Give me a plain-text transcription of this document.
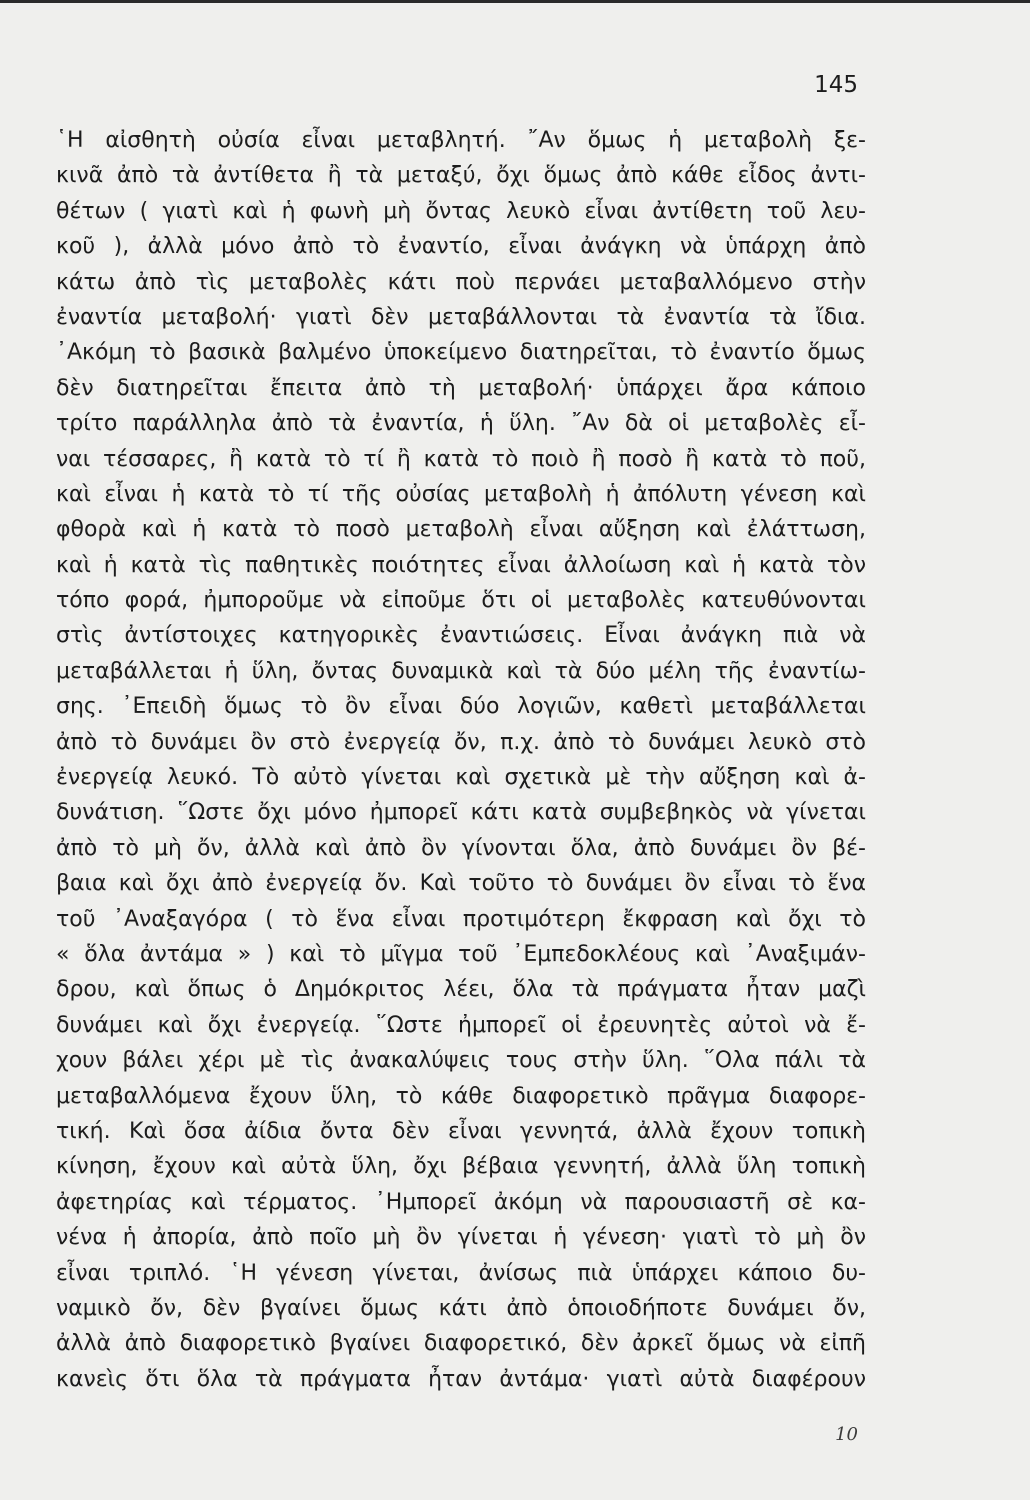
145
῾Η αἰσθητὴ οὐσία εἶναι μεταβλητή. ῎Αν ὅμως ἡ μεταβολὴ ξε-
κινᾶ ἀπὸ τὰ ἀντίθετα ἢ τὰ μεταξύ, ὄχι ὅμως ἀπὸ κάθε εἶδος ἀντι-
θέτων ( γιατὶ καὶ ἡ φωνὴ μὴ ὄντας λευκὸ εἶναι ἀντίθετη τοῦ λευ-
κοῦ ), ἀλλὰ μόνο ἀπὸ τὸ ἐναντίο, εἶναι ἀνάγκη νὰ ὑπάρχη ἀπὸ
κάτω ἀπὸ τὶς μεταβολὲς κάτι ποὺ περνάει μεταβαλλόμενο στὴν
ἐναντία μεταβολή· γιατὶ δὲν μεταβάλλονται τὰ ἐναντία τὰ ἴδια.
᾿Ακόμη τὸ βασικὰ βαλμένο ὑποκείμενο διατηρεῖται, τὸ ἐναντίο ὅμως
δὲν διατηρεῖται ἔπειτα ἀπὸ τὴ μεταβολή· ὑπάρχει ἄρα κάποιο
τρίτο παράλληλα ἀπὸ τὰ ἐναντία, ἡ ὕλη. ῎Αν δὰ οἱ μεταβολὲς εἶ-
ναι τέσσαρες, ἢ κατὰ τὸ τί ἢ κατὰ τὸ ποιὸ ἢ ποσὸ ἢ κατὰ τὸ ποῦ,
καὶ εἶναι ἡ κατὰ τὸ τί τῆς οὐσίας μεταβολὴ ἡ ἀπόλυτη γένεση καὶ
φθορὰ καὶ ἡ κατὰ τὸ ποσὸ μεταβολὴ εἶναι αὔξηση καὶ ἐλάττωση,
καὶ ἡ κατὰ τὶς παθητικὲς ποιότητες εἶναι ἀλλοίωση καὶ ἡ κατὰ τὸν
τόπο φορά, ἠμποροῦμε νὰ εἰποῦμε ὅτι οἱ μεταβολὲς κατευθύνονται
στὶς ἀντίστοιχες κατηγορικὲς ἐναντιώσεις. Εἶναι ἀνάγκη πιὰ νὰ
μεταβάλλεται ἡ ὕλη, ὄντας δυναμικὰ καὶ τὰ δύο μέλη τῆς ἐναντίω-
σης. ᾿Επειδὴ ὅμως τὸ ὂν εἶναι δύο λογιῶν, καθετὶ μεταβάλλεται
ἀπὸ τὸ δυνάμει ὂν στὸ ἐνεργείᾳ ὄν, π.χ. ἀπὸ τὸ δυνάμει λευκὸ στὸ
ἐνεργείᾳ λευκό. Τὸ αὐτὸ γίνεται καὶ σχετικὰ μὲ τὴν αὔξηση καὶ ἀ-
δυνάτιση. ῞Ωστε ὄχι μόνο ἠμπορεῖ κάτι κατὰ συμβεβηκὸς νὰ γίνεται
ἀπὸ τὸ μὴ ὄν, ἀλλὰ καὶ ἀπὸ ὂν γίνονται ὅλα, ἀπὸ δυνάμει ὂν βέ-
βαια καὶ ὄχι ἀπὸ ἐνεργείᾳ ὄν. Καὶ τοῦτο τὸ δυνάμει ὂν εἶναι τὸ ἕνα
τοῦ ᾿Αναξαγόρα ( τὸ ἕνα εἶναι προτιμότερη ἔκφραση καὶ ὄχι τὸ
« ὅλα ἀντάμα » ) καὶ τὸ μῖγμα τοῦ ᾿Εμπεδοκλέους καὶ ᾿Αναξιμάν-
δρου, καὶ ὅπως ὁ Δημόκριτος λέει, ὅλα τὰ πράγματα ἦταν μαζὶ
δυνάμει καὶ ὄχι ἐνεργείᾳ. ῞Ωστε ἠμπορεῖ οἱ ἐρευνητὲς αὐτοὶ νὰ ἔ-
χουν βάλει χέρι μὲ τὶς ἀνακαλύψεις τους στὴν ὕλη. ῞Ολα πάλι τὰ
μεταβαλλόμενα ἔχουν ὕλη, τὸ κάθε διαφορετικὸ πρᾶγμα διαφορε-
τική. Καὶ ὅσα ἀίδια ὄντα δὲν εἶναι γεννητά, ἀλλὰ ἔχουν τοπικὴ
κίνηση, ἔχουν καὶ αὐτὰ ὕλη, ὄχι βέβαια γεννητή, ἀλλὰ ὕλη τοπικὴ
ἀφετηρίας καὶ τέρματος. ᾿Ημπορεῖ ἀκόμη νὰ παρουσιαστῆ σὲ κα-
νένα ἡ ἀπορία, ἀπὸ ποῖο μὴ ὂν γίνεται ἡ γένεση· γιατὶ τὸ μὴ ὂν
εἶναι τριπλό. ῾Η γένεση γίνεται, ἀνίσως πιὰ ὑπάρχει κάποιο δυ-
ναμικὸ ὄν, δὲν βγαίνει ὅμως κάτι ἀπὸ ὁποιοδήποτε δυνάμει ὄν,
ἀλλὰ ἀπὸ διαφορετικὸ βγαίνει διαφορετικό, δὲν ἀρκεῖ ὅμως νὰ εἰπῆ
κανεὶς ὅτι ὅλα τὰ πράγματα ἦταν ἀντάμα· γιατὶ αὐτὰ διαφέρουν
10
